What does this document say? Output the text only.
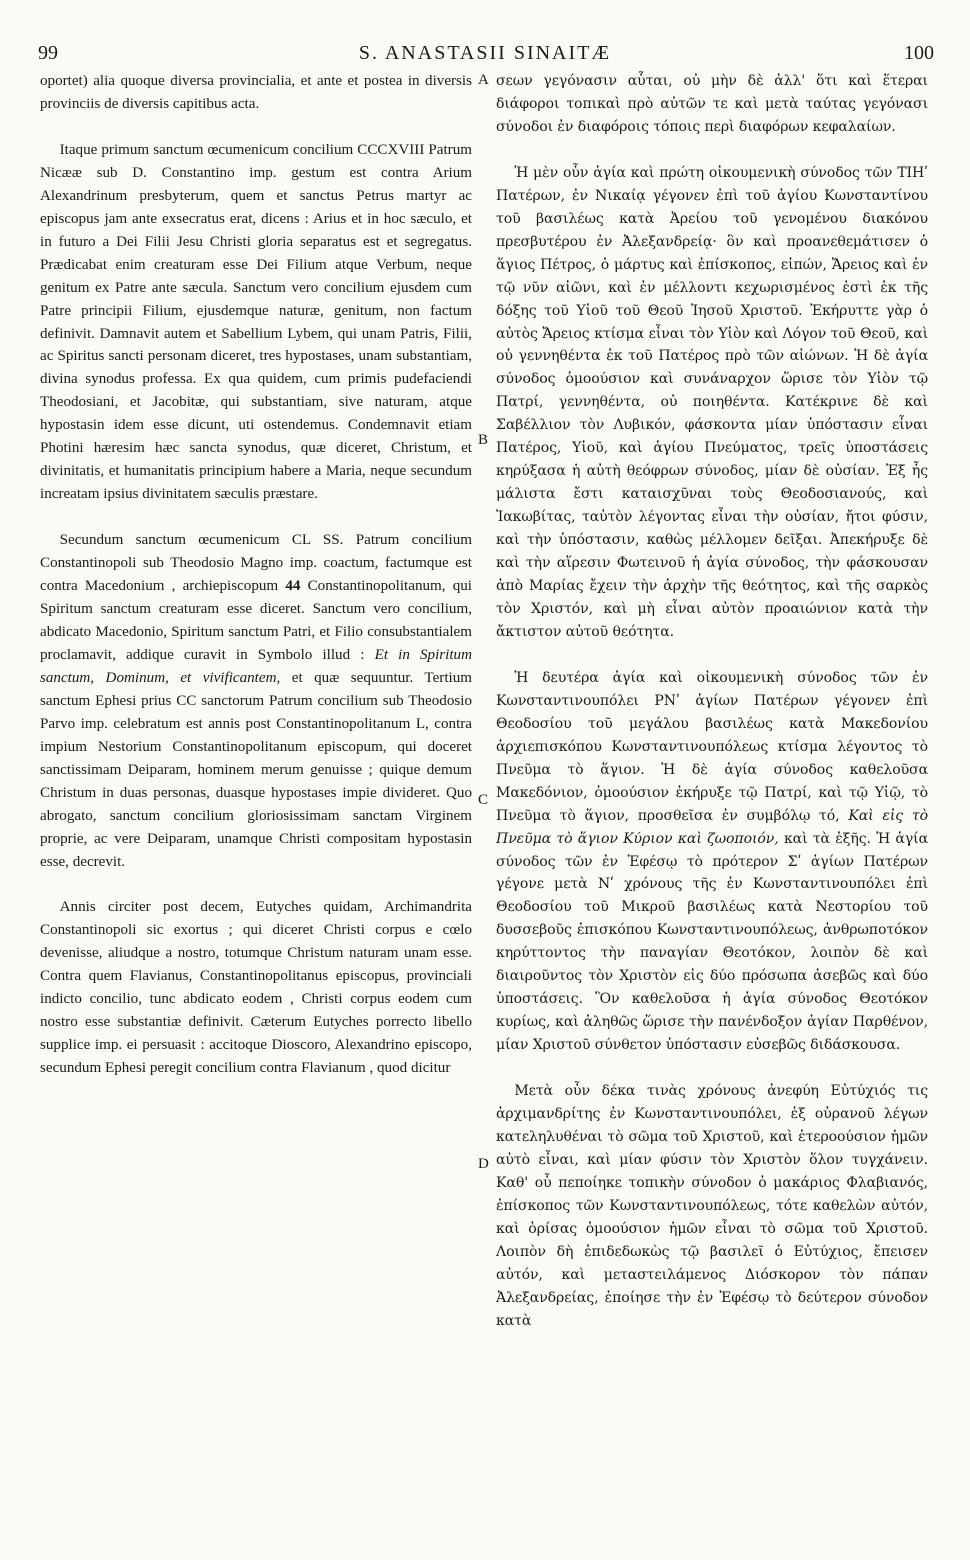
99	S. ANASTASII SINAITÆ	100
A
B
C
D

oportet) alia quoque diversa provincialia, et ante et postea in diversis provinciis de diversis capitibus acta.

Itaque primum sanctum œcumenicum concilium CCCXVIII Patrum Nicææ sub D. Constantino imp. gestum est contra Arium Alexandrinum presbyterum, quem et sanctus Petrus martyr ac episcopus jam ante exsecratus erat, dicens : Arius et in hoc sæculo, et in futuro a Dei Filii Jesu Christi gloria separatus est et segregatus. Prædicabat enim creaturam esse Dei Filium atque Verbum, neque genitum ex Patre ante sæcula. Sanctum vero concilium ejusdem cum Patre principii Filium, ejusdemque naturæ, genitum, non factum definivit. Damnavit autem et Sabellium Lybem, qui unam Patris, Filii, ac Spiritus sancti personam diceret, tres hypostases, unam substantiam, divina synodus professa. Ex qua quidem, cum primis pudefaciendi Theodosiani, et Jacobitæ, qui substantiam, sive naturam, atque hypostasin idem esse dicunt, uti ostendemus. Condemnavit etiam Photini hæresim hæc sancta synodus, quæ diceret, Christum, et divinitatis, et humanitatis principium habere a Maria, neque secundum increatam ipsius divinitatem sæculis præstare.

Secundum sanctum œcumenicum CL SS. Patrum concilium Constantinopoli sub Theodosio Magno imp. coactum, factumque est contra Macedonium , archiepiscopum 44 Constantinopolitanum, qui Spiritum sanctum creaturam esse diceret. Sanctum vero concilium, abdicato Macedonio, Spiritum sanctum Patri, et Filio consubstantialem proclamavit, addique curavit in Symbolo illud : Et in Spiritum sanctum, Dominum, et vivificantem, et quæ sequuntur. Tertium sanctum Ephesi prius CC sanctorum Patrum concilium sub Theodosio Parvo imp. celebratum est annis post Constantinopolitanum L, contra impium Nestorium Constantinopolitanum episcopum, qui doceret sanctissimam Deiparam, hominem merum genuisse ; quique demum Christum in duas personas, duasque hypostases impie divideret. Quo abrogato, sanctum concilium gloriosissimam sanctam Virginem proprie, ac vere Deiparam, unamque Christi compositam hypostasin esse, decrevit.

Annis circiter post decem, Eutyches quidam, Archimandrita Constantinopoli sic exortus ; qui diceret Christi corpus e cœlo devenisse, aliudque a nostro, totumque Christum naturam unam esse. Contra quem Flavianus, Constantinopolitanus episcopus, provinciali indicto concilio, tunc abdicato eodem , Christi corpus eodem cum nostro esse substantiæ definivit. Cæterum Eutyches porrecto libello supplice imp. ei persuasit : accitoque Dioscoro, Alexandrino episcopo, secundum Ephesi peregit concilium contra Flavianum , quod dicitur

σεων γεγόνασιν αὗται, οὐ μὴν δὲ ἀλλ' ὅτι καὶ ἕτεραι διάφοροι τοπικαὶ πρὸ αὐτῶν τε καὶ μετὰ ταύτας γεγόνασι σύνοδοι ἐν διαφόροις τόποις περὶ διαφόρων κεφαλαίων.

Ἡ μὲν οὖν ἁγία καὶ πρώτη οἰκουμενικὴ σύνοδος τῶν ΤΙΗʹ Πατέρων, ἐν Νικαίᾳ γέγονεν ἐπὶ τοῦ ἁγίου Κωνσταντίνου τοῦ βασιλέως κατὰ Ἀρείου τοῦ γενομένου διακόνου πρεσβυτέρου ἐν Ἀλεξανδρείᾳ· ὃν καὶ προανεθεμάτισεν ὁ ἅγιος Πέτρος, ὁ μάρτυς καὶ ἐπίσκοπος, εἰπών, Ἄρειος καὶ ἐν τῷ νῦν αἰῶνι, καὶ ἐν μέλλοντι κεχωρισμένος ἐστὶ ἐκ τῆς δόξης τοῦ Υἱοῦ τοῦ Θεοῦ Ἰησοῦ Χριστοῦ. Ἐκήρυττε γὰρ ὁ αὐτὸς Ἄρειος κτίσμα εἶναι τὸν Υἱὸν καὶ Λόγον τοῦ Θεοῦ, καὶ οὐ γεννηθέντα ἐκ τοῦ Πατέρος πρὸ τῶν αἰώνων. Ἡ δὲ ἁγία σύνοδος ὁμοούσιον καὶ συνάναρχον ὥρισε τὸν Υἱὸν τῷ Πατρί, γεννηθέντα, οὐ ποιηθέντα. Κατέκρινε δὲ καὶ Σαβέλλιον τὸν Λυβικόν, φάσκοντα μίαν ὑπόστασιν εἶναι Πατέρος, Υἱοῦ, καὶ ἁγίου Πνεύματος, τρεῖς ὑποστάσεις κηρύξασα ἡ αὐτὴ θεόφρων σύνοδος, μίαν δὲ οὐσίαν. Ἐξ ἧς μάλιστα ἔστι καταισχῦναι τοὺς Θεοδοσιανούς, καὶ Ἰακωβίτας, ταὐτὸν λέγοντας εἶναι τὴν οὐσίαν, ἤτοι φύσιν, καὶ τὴν ὑπόστασιν, καθὼς μέλλομεν δεῖξαι. Ἀπεκήρυξε δὲ καὶ τὴν αἵρεσιν Φωτεινοῦ ἡ ἁγία σύνοδος, τὴν φάσκουσαν ἀπὸ Μαρίας ἔχειν τὴν ἀρχὴν τῆς θεότητος, καὶ τῆς σαρκὸς τὸν Χριστόν, καὶ μὴ εἶναι αὐτὸν προαιώνιον κατὰ τὴν ἄκτιστον αὐτοῦ θεότητα.

Ἡ δευτέρα ἁγία καὶ οἰκουμενικὴ σύνοδος τῶν ἐν Κωνσταντινουπόλει ΡΝʹ ἁγίων Πατέρων γέγονεν ἐπὶ Θεοδοσίου τοῦ μεγάλου βασιλέως κατὰ Μακεδονίου ἀρχιεπισκόπου Κωνσταντινουπόλεως κτίσμα λέγοντος τὸ Πνεῦμα τὸ ἅγιον. Ἡ δὲ ἁγία σύνοδος καθελοῦσα Μακεδόνιον, ὁμοούσιον ἐκήρυξε τῷ Πατρί, καὶ τῷ Υἱῷ, τὸ Πνεῦμα τὸ ἅγιον, προσθεῖσα ἐν συμβόλῳ τό, Καὶ εἰς τὸ Πνεῦμα τὸ ἅγιον Κύριον καὶ ζωοποιόν, καὶ τὰ ἑξῆς. Ἡ ἁγία σύνοδος τῶν ἐν Ἐφέσῳ τὸ πρότερον Σʹ ἁγίων Πατέρων γέγονε μετὰ Νʹ χρόνους τῆς ἐν Κωνσταντινουπόλει ἐπὶ Θεοδοσίου τοῦ Μικροῦ βασιλέως κατὰ Νεστορίου τοῦ δυσσεβοῦς ἐπισκόπου Κωνσταντινουπόλεως, ἀνθρωποτόκον κηρύττοντος τὴν παναγίαν Θεοτόκον, λοιπὸν δὲ καὶ διαιροῦντος τὸν Χριστὸν εἰς δύο πρόσωπα ἀσεβῶς καὶ δύο ὑποστάσεις. Ὃν καθελοῦσα ἡ ἁγία σύνοδος Θεοτόκον κυρίως, καὶ ἀληθῶς ὥρισε τὴν πανένδοξον ἁγίαν Παρθένον, μίαν Χριστοῦ σύνθετον ὑπόστασιν εὐσεβῶς διδάσκουσα.

Μετὰ οὖν δέκα τινὰς χρόνους ἀνεφύη Εὐτύχιός τις ἀρχιμανδρίτης ἐν Κωνσταντινουπόλει, ἐξ οὐρανοῦ λέγων κατεληλυθέναι τὸ σῶμα τοῦ Χριστοῦ, καὶ ἑτεροούσιον ἡμῶν αὐτὸ εἶναι, καὶ μίαν φύσιν τὸν Χριστὸν ὅλον τυγχάνειν. Καθ' οὗ πεποίηκε τοπικὴν σύνοδον ὁ μακάριος Φλαβιανός, ἐπίσκοπος τῶν Κωνσταντινουπόλεως, τότε καθελὼν αὐτόν, καὶ ὁρίσας ὁμοούσιον ἡμῶν εἶναι τὸ σῶμα τοῦ Χριστοῦ. Λοιπὸν δὴ ἐπιδεδωκὼς τῷ βασιλεῖ ὁ Εὐτύχιος, ἔπεισεν αὐτόν, καὶ μεταστειλάμενος Διόσκορον τὸν πάπαν Ἀλεξανδρείας, ἐποίησε τὴν ἐν Ἐφέσῳ τὸ δεύτερον σύνοδον κατὰ
